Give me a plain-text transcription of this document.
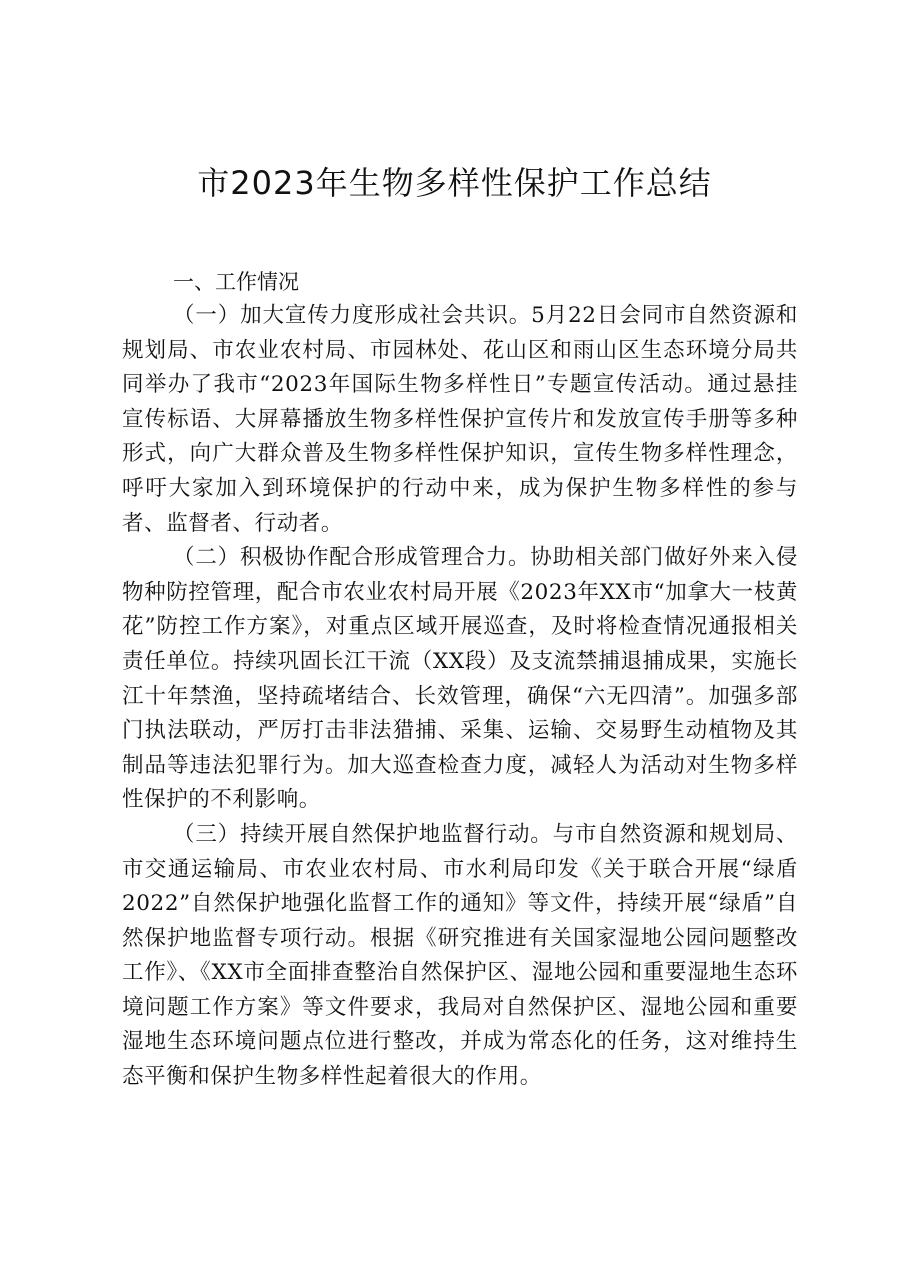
市2023年生物多样性保护工作总结
一、工作情况

（一）加大宣传力度形成社会共识。5月22日会同市自然资源和规划局、市农业农村局、市园林处、花山区和雨山区生态环境分局共同举办了我市“2023年国际生物多样性日”专题宣传活动。通过悬挂宣传标语、大屏幕播放生物多样性保护宣传片和发放宣传手册等多种形式，向广大群众普及生物多样性保护知识，宣传生物多样性理念，呼吁大家加入到环境保护的行动中来，成为保护生物多样性的参与者、监督者、行动者。

（二）积极协作配合形成管理合力。协助相关部门做好外来入侵物种防控管理，配合市农业农村局开展《2023年XX市“加拿大一枝黄花”防控工作方案》，对重点区域开展巡查，及时将检查情况通报相关责任单位。持续巩固长江干流（XX段）及支流禁捕退捕成果，实施长江十年禁渔，坚持疏堵结合、长效管理，确保“六无四清”。加强多部门执法联动，严厉打击非法猎捕、采集、运输、交易野生动植物及其制品等违法犯罪行为。加大巡查检查力度，减轻人为活动对生物多样性保护的不利影响。

（三）持续开展自然保护地监督行动。与市自然资源和规划局、市交通运输局、市农业农村局、市水利局印发《关于联合开展“绿盾2022”自然保护地强化监督工作的通知》等文件，持续开展“绿盾”自然保护地监督专项行动。根据《研究推进有关国家湿地公园问题整改工作》、《XX市全面排查整治自然保护区、湿地公园和重要湿地生态环境问题工作方案》等文件要求，我局对自然保护区、湿地公园和重要湿地生态环境问题点位进行整改，并成为常态化的任务，这对维持生态平衡和保护生物多样性起着很大的作用。
